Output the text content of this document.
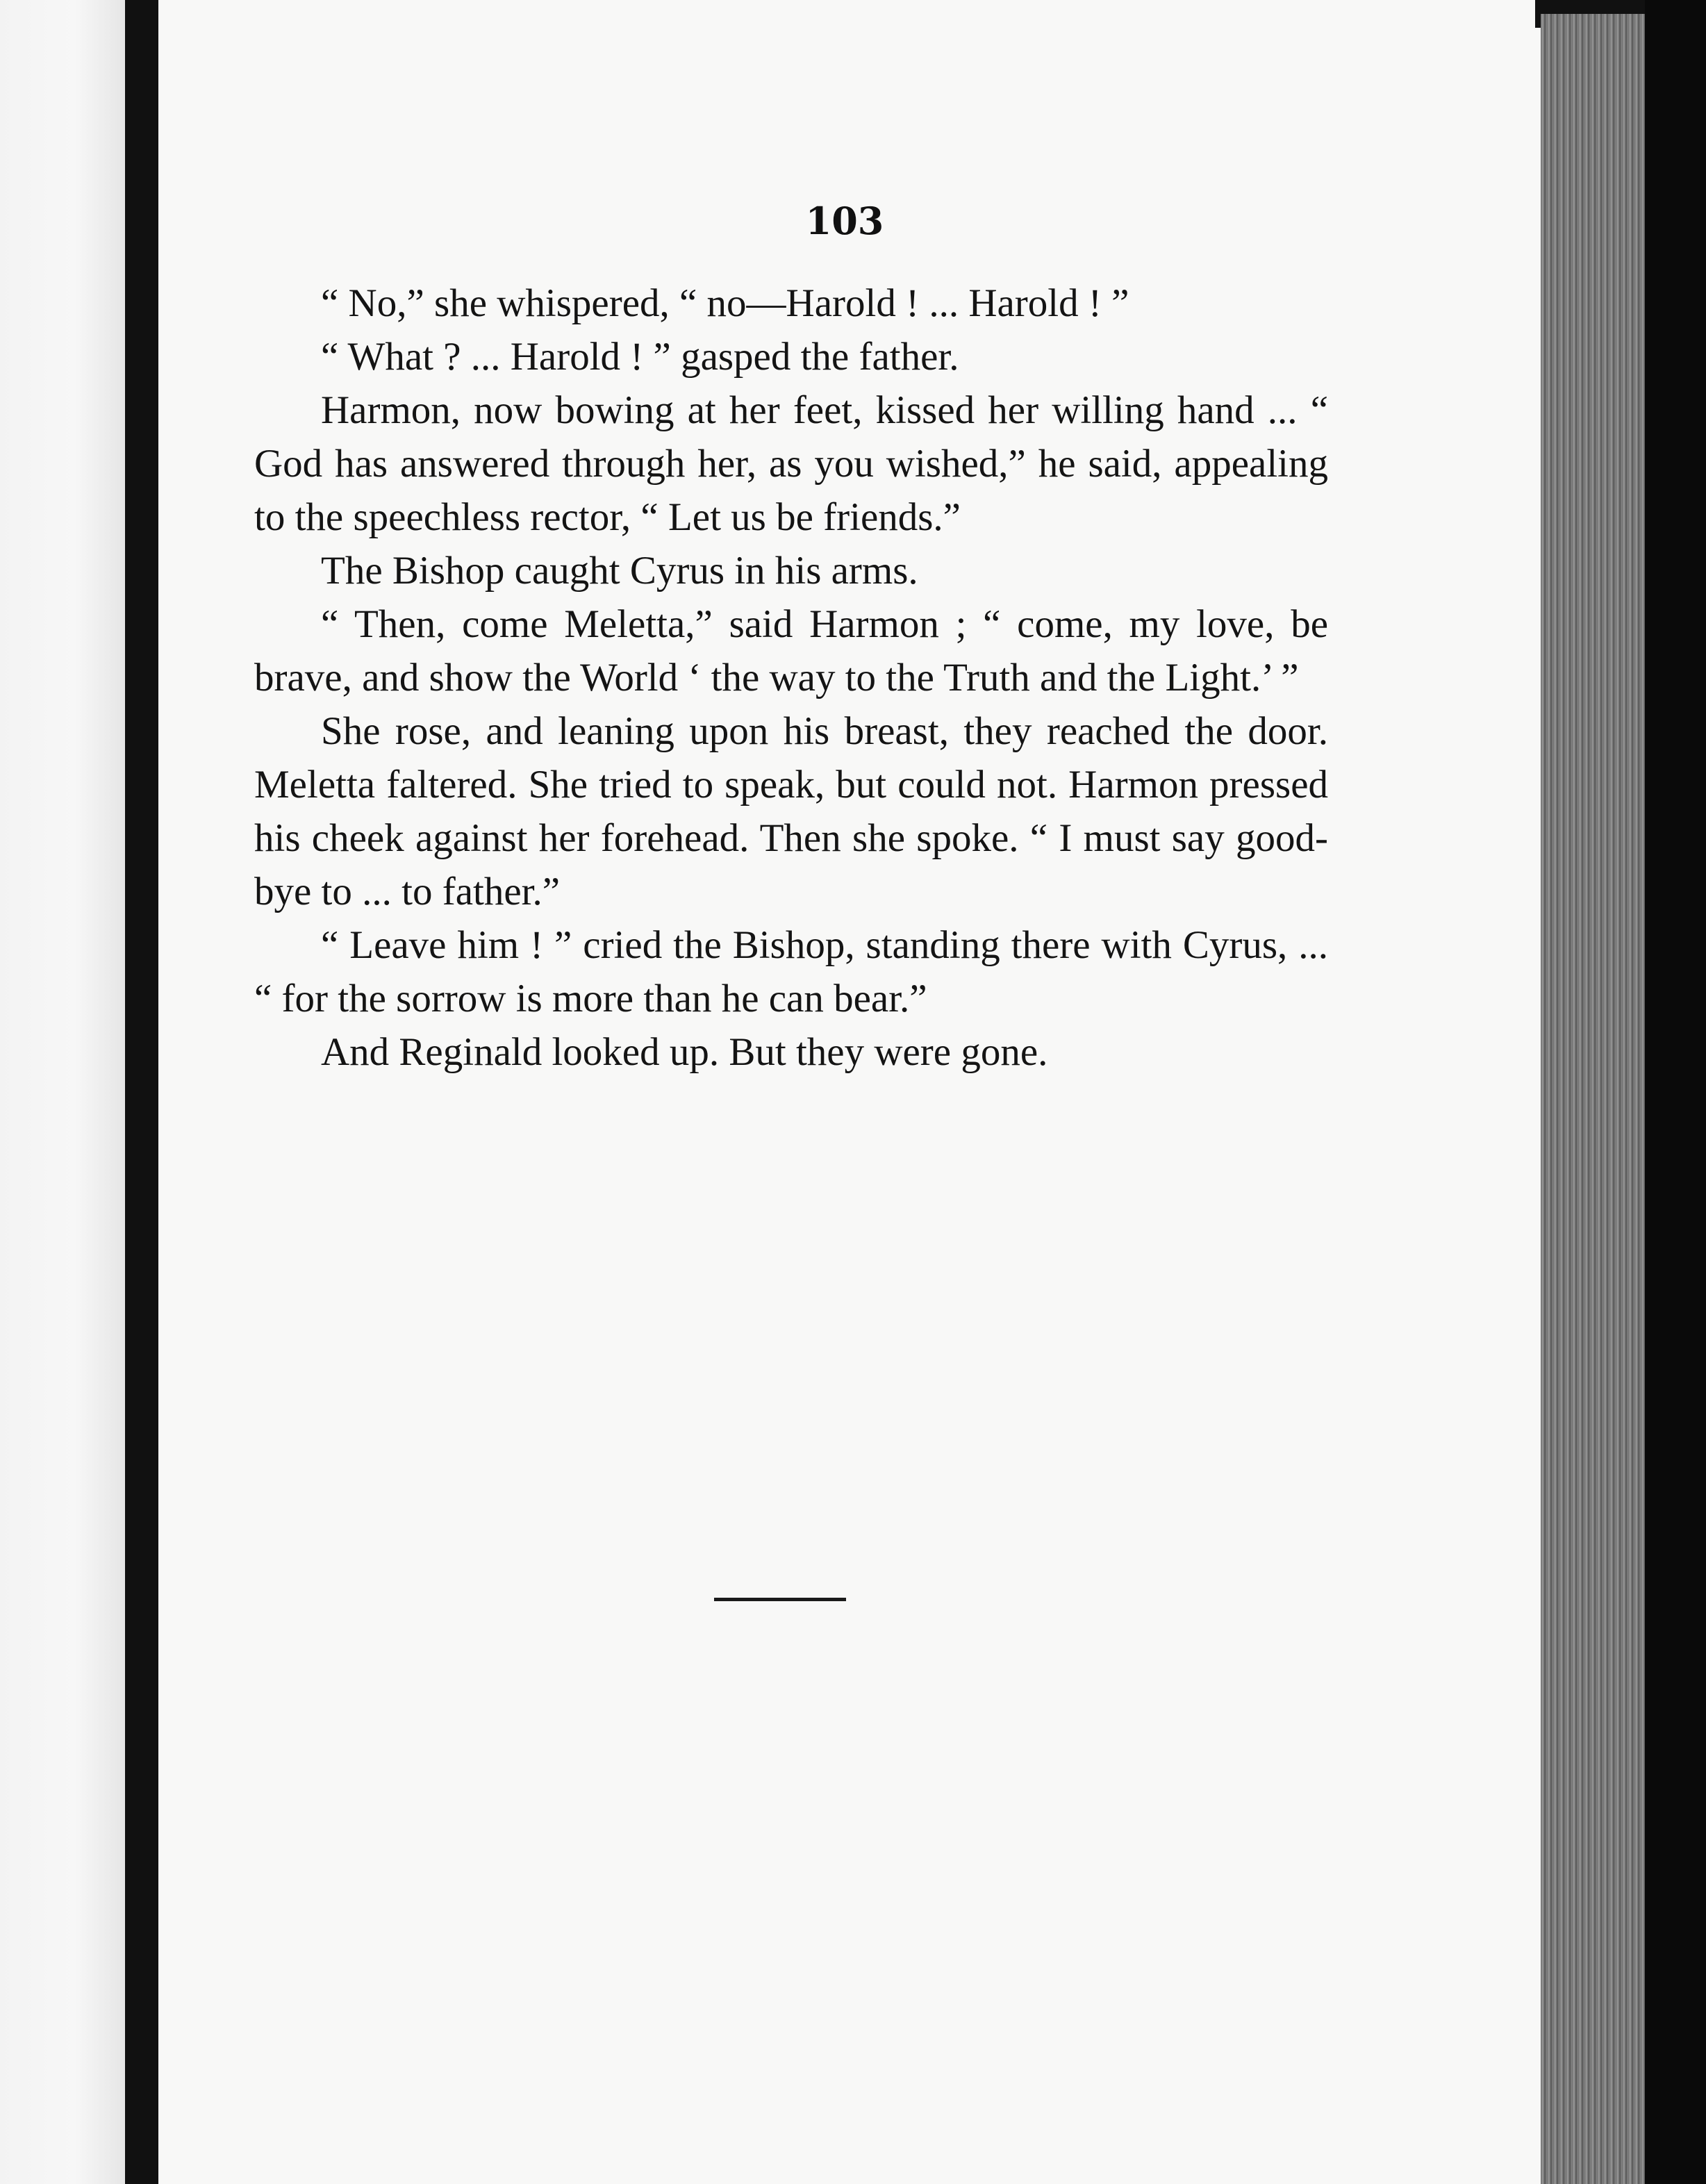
103

“ No,” she whispered, “ no—Harold ! ... Harold ! ”

“ What ? ... Harold ! ” gasped the father.

Harmon, now bowing at her feet, kissed her willing hand ... “ God has answered through her, as you wished,” he said, appealing to the speechless rector, “ Let us be friends.”

The Bishop caught Cyrus in his arms.

“ Then, come Meletta,” said Harmon ; “ come, my love, be brave, and show the World ‘ the way to the Truth and the Light.’ ”

She rose, and leaning upon his breast, they reached the door. Meletta faltered. She tried to speak, but could not. Harmon pressed his cheek against her forehead. Then she spoke. “ I must say good-bye to ... to father.”

“ Leave him ! ” cried the Bishop, standing there with Cyrus, ... “ for the sorrow is more than he can bear.”

And Reginald looked up. But they were gone.
